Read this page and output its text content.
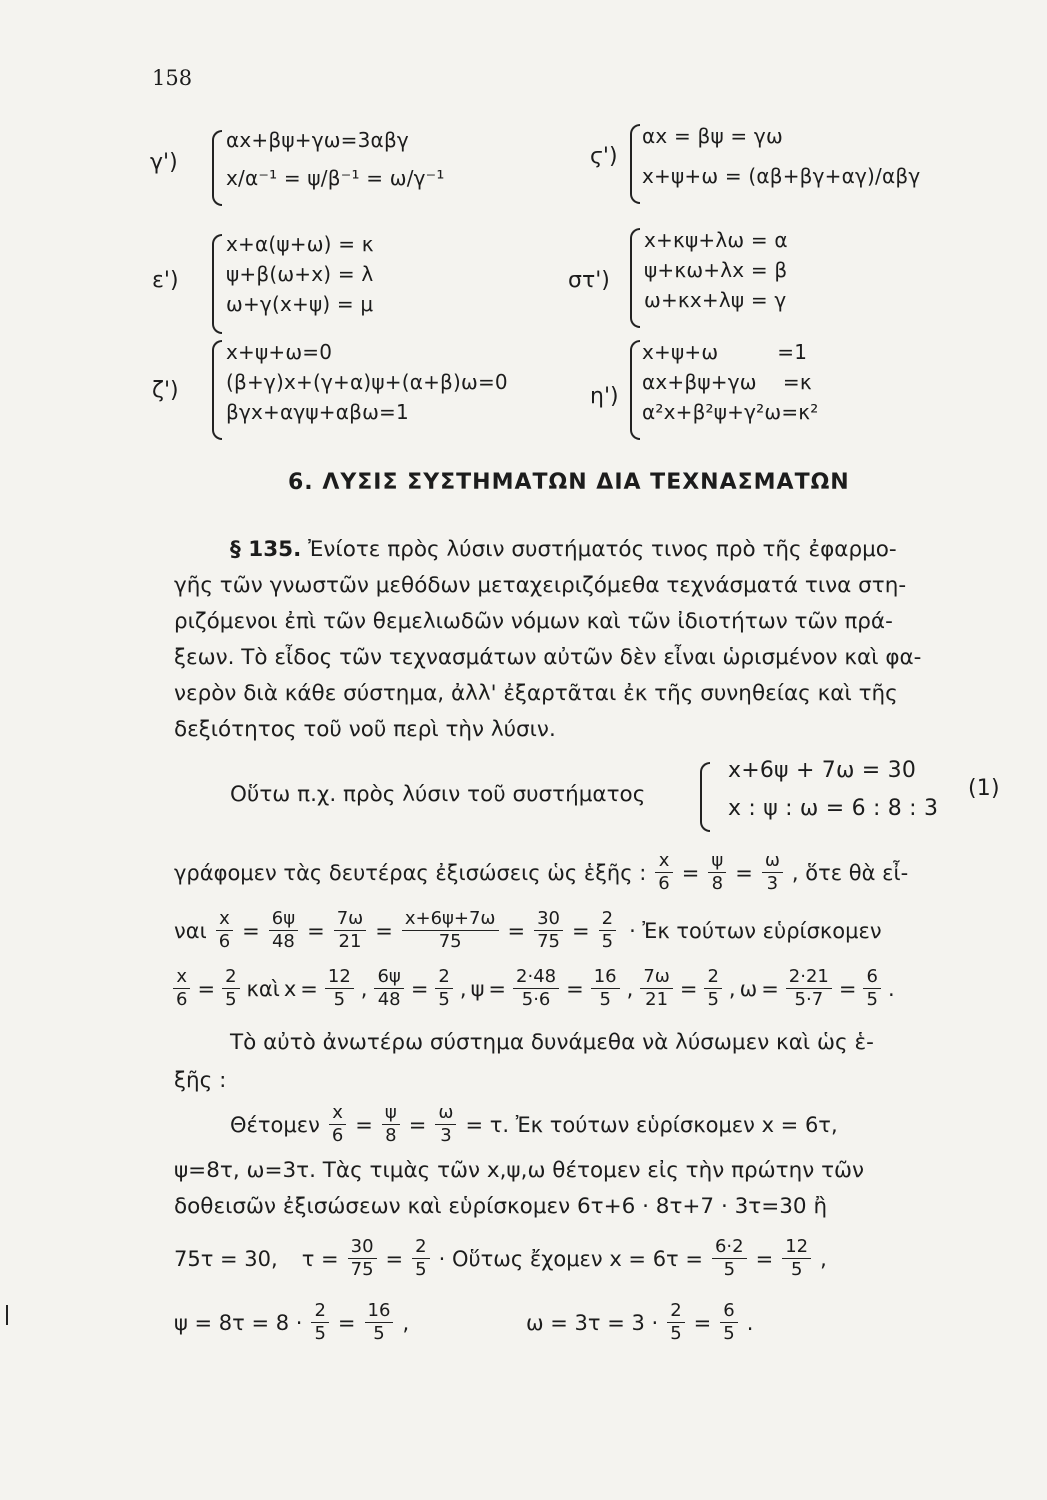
158
γ')
αx+βψ+γω=3αβγ
x/α⁻¹ = ψ/β⁻¹ = ω/γ⁻¹
ϛ')
αx = βψ = γω
x+ψ+ω = (αβ+βγ+αγ)/αβγ
ε')
x+α(ψ+ω) = κ
ψ+β(ω+x) = λ
ω+γ(x+ψ) = μ
στ')
x+κψ+λω = α
ψ+κω+λx = β
ω+κx+λψ = γ
ζ')
x+ψ+ω=0
(β+γ)x+(γ+α)ψ+(α+β)ω=0
βγx+αγψ+αβω=1
η')
x+ψ+ω         =1
αx+βψ+γω    =κ
α²x+β²ψ+γ²ω=κ²
6. ΛΥΣΙΣ ΣΥΣΤΗΜΑΤΩΝ ΔΙΑ ΤΕΧΝΑΣΜΑΤΩΝ
§ 135. Ἐνίοτε πρὸς λύσιν συστήματός τινος πρὸ τῆς ἐφαρμο-
γῆς τῶν γνωστῶν μεθόδων μεταχειριζόμεθα τεχνάσματά τινα στη-
ριζόμενοι ἐπὶ τῶν θεμελιωδῶν νόμων καὶ τῶν ἰδιοτήτων τῶν πρά-
ξεων. Τὸ εἶδος τῶν τεχνασμάτων αὐτῶν δὲν εἶναι ὡρισμένον καὶ φα-
νερὸν διὰ κάθε σύστημα, ἀλλ' ἐξαρτᾶται ἐκ τῆς συνηθείας καὶ τῆς
δεξιότητος τοῦ νοῦ περὶ τὴν λύσιν.
Οὕτω π.χ. πρὸς λύσιν τοῦ συστήματος
x+6ψ + 7ω = 30
x : ψ : ω = 6 : 8 : 3
(1)
γράφομεν τὰς δευτέρας ἐξισώσεις ὡς ἑξῆς : $\frac{x}{6} = \frac{\psi}{8} = \frac{\omega}{3}$ , ὅτε θὰ εἶ-
ναι $\frac{x}{6} = \frac{6\psi}{48} = \frac{7\omega}{21} = \frac{x+6\psi+7\omega}{75} = \frac{30}{75} = \frac{2}{5}$ · Ἐκ τούτων εὑρίσκομεν
$\frac{x}{6} = \frac{2}{5}$ καὶ $x = \frac{12}{5}$ , $\frac{6\psi}{48} = \frac{2}{5}$ , $\psi = \frac{2\cdot 48}{5\cdot 6} = \frac{16}{5}$ , $\frac{7\omega}{21} = \frac{2}{5}$ , $\omega = \frac{2\cdot 21}{5\cdot 7} = \frac{6}{5}$ .
Τὸ αὐτὸ ἀνωτέρω σύστημα δυνάμεθα νὰ λύσωμεν καὶ ὡς ἑ-
ξῆς :
Θέτομεν $\frac{x}{6} = \frac{\psi}{8} = \frac{\omega}{3} = \tau$. Ἐκ τούτων εὑρίσκομεν x = 6τ,
ψ=8τ, ω=3τ. Τὰς τιμὰς τῶν x,ψ,ω θέτομεν εἰς τὴν πρώτην τῶν
δοθεισῶν ἐξισώσεων καὶ εὑρίσκομεν 6τ+6 · 8τ+7 · 3τ=30 ἢ
75τ = 30, $\tau = \frac{30}{75} = \frac{2}{5}$ · Οὕτως ἔχομεν $x = 6\tau = \frac{6\cdot 2}{5} = \frac{12}{5}$ ,
$\psi = 8\tau = 8 \cdot \frac{2}{5} = \frac{16}{5}$ ,	$\omega = 3\tau = 3 \cdot \frac{2}{5} = \frac{6}{5}$ .
